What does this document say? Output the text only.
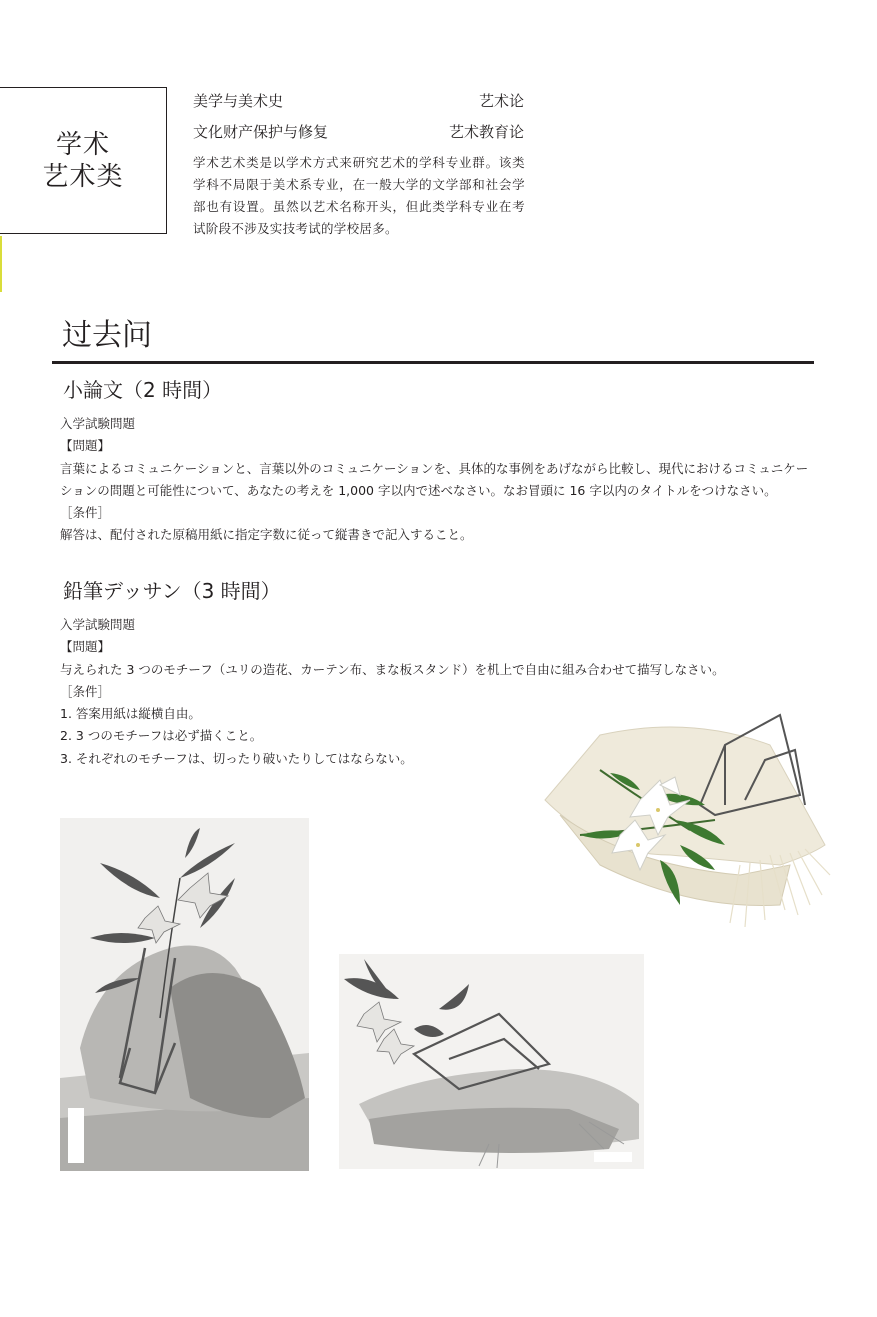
学术
艺术类
美学与美术史	艺术论
文化财产保护与修复	艺术教育论
学术艺术类是以学术方式来研究艺术的学科专业群。该类学科不局限于美术系专业，在一般大学的文学部和社会学部也有设置。虽然以艺术名称开头，但此类学科专业在考试阶段不涉及实技考试的学校居多。
过去问
小論文（2 時間）
入学試験問題
【問題】
言葉によるコミュニケーションと、言葉以外のコミュニケーションを、具体的な事例をあげながら比較し、現代におけるコミュニケー
ションの問題と可能性について、あなたの考えを 1,000 字以内で述べなさい。なお冒頭に 16 字以内のタイトルをつけなさい。
［条件］
解答は、配付された原稿用紙に指定字数に従って縦書きで記入すること。
鉛筆デッサン（3 時間）
入学試験問題
【問題】
与えられた 3 つのモチーフ（ユリの造花、カーテン布、まな板スタンド）を机上で自由に組み合わせて描写しなさい。
［条件］
1. 答案用紙は縦横自由。
2. 3 つのモチーフは必ず描くこと。
3. それぞれのモチーフは、切ったり破いたりしてはならない。
